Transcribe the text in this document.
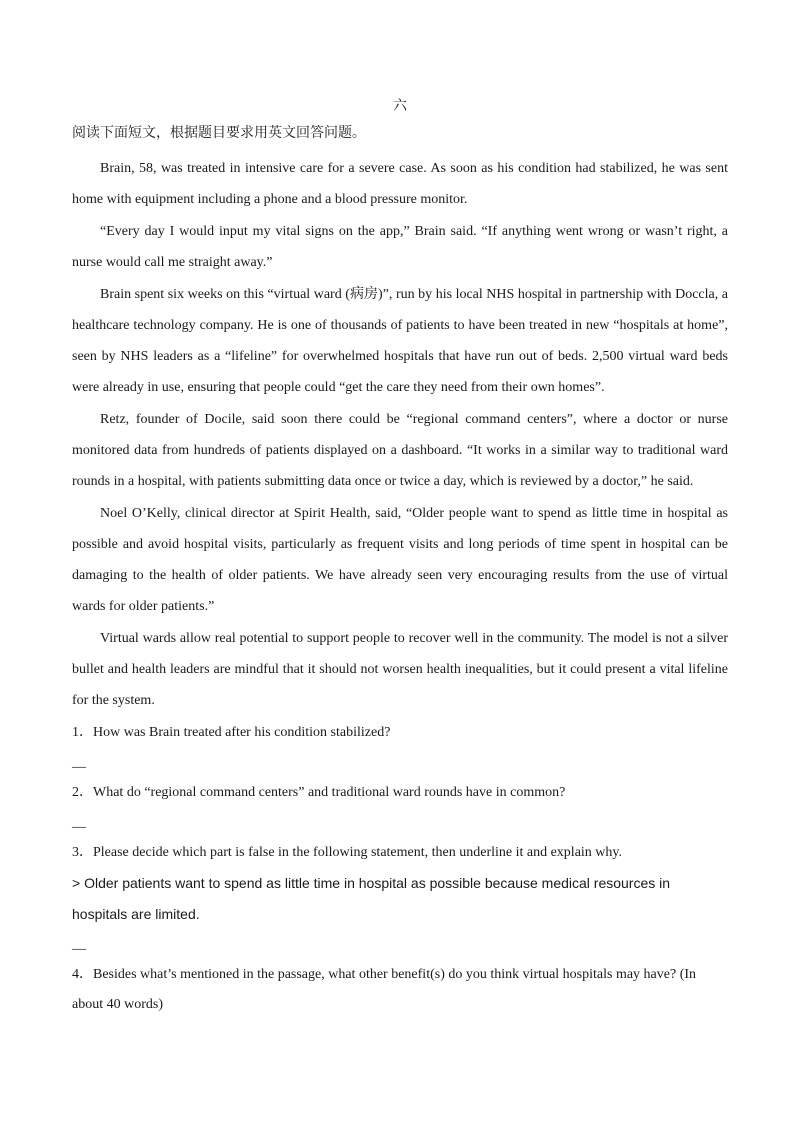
六
阅读下面短文，根据题目要求用英文回答问题。

Brain, 58, was treated in intensive care for a severe case. As soon as his condition had stabilized, he was sent home with equipment including a phone and a blood pressure monitor.

“Every day I would input my vital signs on the app,” Brain said. “If anything went wrong or wasn’t right, a nurse would call me straight away.”

Brain spent six weeks on this “virtual ward (病房)”, run by his local NHS hospital in partnership with Doccla, a healthcare technology company. He is one of thousands of patients to have been treated in new “hospitals at home”, seen by NHS leaders as a “lifeline” for overwhelmed hospitals that have run out of beds. 2,500 virtual ward beds were already in use, ensuring that people could “get the care they need from their own homes”.

Retz, founder of Docile, said soon there could be “regional command centers”, where a doctor or nurse monitored data from hundreds of patients displayed on a dashboard. “It works in a similar way to traditional ward rounds in a hospital, with patients submitting data once or twice a day, which is reviewed by a doctor,” he said.

Noel O’Kelly, clinical director at Spirit Health, said, “Older people want to spend as little time in hospital as possible and avoid hospital visits, particularly as frequent visits and long periods of time spent in hospital can be damaging to the health of older patients. We have already seen very encouraging results from the use of virtual wards for older patients.”

Virtual wards allow real potential to support people to recover well in the community. The model is not a silver bullet and health leaders are mindful that it should not worsen health inequalities, but it could present a vital lifeline for the system.

1．How was Brain treated after his condition stabilized?

__

2．What do “regional command centers” and traditional ward rounds have in common?

__

3．Please decide which part is false in the following statement, then underline it and explain why.

> Older patients want to spend as little time in hospital as possible because medical resources in hospitals are limited.

__

4．Besides what’s mentioned in the passage, what other benefit(s) do you think virtual hospitals may have? (In about 40 words)
